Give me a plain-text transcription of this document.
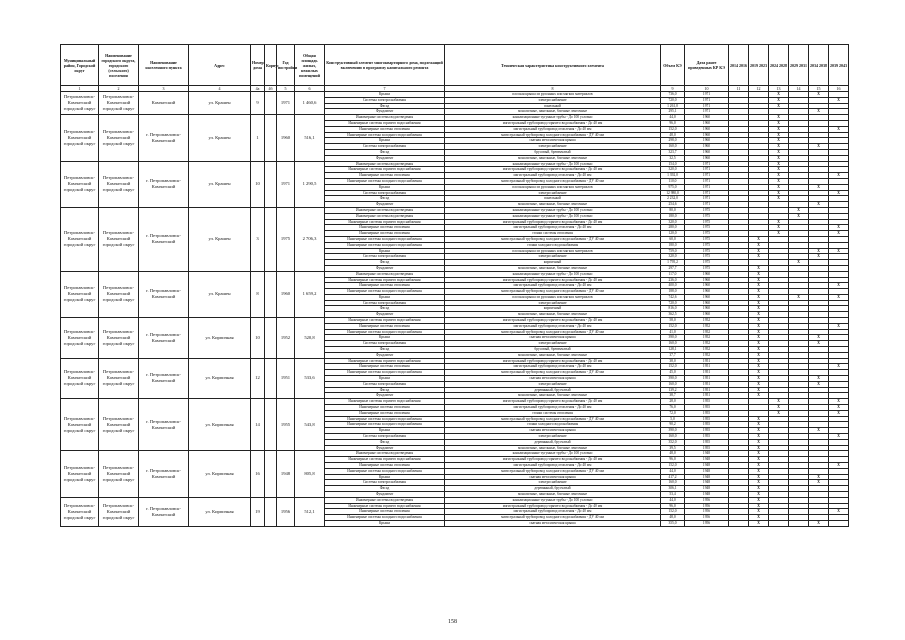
Муниципальный район, Городской округ	Наименование городского округа, городского (сельского) поселения	Наименование населенного пункта	Адрес	Номер дома	Корпус	Год постройки	Общая площадь жилых, нежилых помещений	Конструктивный элемент многоквартирного дома, подлежащий включению в программу капитального ремонта	Техническая характеристика конструктивного элемента	Объем КЭ	Дата ранее проведенных КР КЭ	2014 2016	2019 2023	2024 2028	2029 2031	2034 2038	2039 2043
1	2	3	4	4а	4б	5	6	7	8	9	10	11	12	13	14	15	16
Петропавловск-Камчатский городской округ	Петропавловск-Камчатский городской округ	Камчатский	ул. Крашен	9		1971	1 460,6	Крыша	плоская крыша из рулонных или мягких материалов	736,0	1971			X		X	
								Системы электроснабжения	электроснабжение	720,0	1971			X			X
								Фасад	панельный	1 261,0	1971			X			
								Фундамент	монолитные, панельные, блочные ленточные	295,1	1971					X	
Петропавловск-Камчатский городской округ	Петропавловск-Камчатский городской округ	г. Петропавловск-Камчатский	ул. Крашен	1		1960	516,1	Инженерные системы водоотведения	канализационные чугунные трубы - До 100 условно	44,0	1960			X			
								Инженерные системы горячего водоснабжения	магистральный трубопровод горячего водоснабжения - До 40 мм	96,0	1960			X			
								Инженерные системы отопления	магистральный трубопровод отопления - До 40 мм	152,0	1960			X			X
								Инженерные системы холодного водоснабжения	магистральный трубопровод холодного водоснабжения - ДУ 40 мм	48,0	1960			X			
								Крыша	скатная металлическая крыша	298,0	1960			X			
								Системы электроснабжения	электроснабжение	160,0	1960			X		X	
								Фасад	брусовый, бревенчатый	323,7	1960			X			
								Фундамент	монолитные, панельные, блочные ленточные	32,5	1960			X			
Петропавловск-Камчатский городской округ	Петропавловск-Камчатский городской округ	г. Петропавловск-Камчатский	ул. Крашен	10		1971	1 290,5	Инженерные системы водоотведения	канализационные чугунные трубы - До 100 условно	154,0	1971			X			
								Инженерные системы горячего водоснабжения	магистральный трубопровод горячего водоснабжения - До 40 мм	320,0	1971			X			
								Инженерные системы отопления	магистральный трубопровод отопления - До 40 мм	1 392,0	1971			X			X
								Инженерные системы холодного водоснабжения	магистральный трубопровод холодного водоснабжения - ДУ 40 мм	110,0	1971			X			
								Крыша	плоская крыша из рулонных или мягких материалов	975,0	1971			X		X	
								Системы электроснабжения	электроснабжение	12 980,0	1971			X			X
								Фасад	панельный	2 232,0	1971			X			
								Фундамент	монолитные, панельные, блочные ленточные	254,6	1971					X	
Петропавловск-Камчатский городской округ	Петропавловск-Камчатский городской округ	г. Петропавловск-Камчатский	ул. Крашен	3		1975	2 706,3	Инженерные системы водоотведения	канализационные чугунные трубы - До 100 условно	80,0	1975				X		
								Инженерные системы водоотведения	канализационные чугунные трубы - До 100 условно	180,0	1975				X		
								Инженерные системы горячего водоснабжения	магистральный трубопровод горячего водоснабжения - До 40 мм	320,0	1975			X			
								Инженерные системы отопления	магистральный трубопровод отопления - До 40 мм	280,0	1975			X			X
								Инженерные системы отопления	стояки системы отопления	120,0	1975			X			X
								Инженерные системы холодного водоснабжения	магистральный трубопровод холодного водоснабжения - ДУ 40 мм	60,0	1975		X				
								Инженерные системы холодного водоснабжения	стояки холодного водоснабжения	180,0	1975		X				
								Крыша	плоская крыша из рулонных или мягких материалов	759,0	1975		X			X	X
								Системы электроснабжения	электроснабжение	320,0	1975		X			X	
								Фасад	кирпичный	1 795,2	1975				X		
								Фундамент	монолитные, панельные, блочные ленточные	297,7	1975		X				
Петропавловск-Камчатский городской округ	Петропавловск-Камчатский городской округ	г. Петропавловск-Камчатский	ул. Крашен	8		1960	1 659,2	Инженерные системы водоотведения	канализационные чугунные трубы - До 100 условно	117,0	1960		X				
								Инженерные системы горячего водоснабжения	магистральный трубопровод горячего водоснабжения - До 40 мм	236,0	1960		X				
								Инженерные системы отопления	магистральный трубопровод отопления - До 40 мм	400,0	1960		X				X
								Инженерные системы холодного водоснабжения	магистральный трубопровод холодного водоснабжения - ДУ 40 мм	188,0	1960		X				
								Крыша	плоская крыша из рулонных или мягких материалов	742,6	1960		X		X		X
								Системы электроснабжения	электроснабжение	720,0	1960		X				
								Фасад	кирпичный	816,0	1960		X				
								Фундамент	монолитные, панельные, блочные ленточные	362,5	1960		X				
Петропавловск-Камчатский городской округ	Петропавловск-Камчатский городской округ	г. Петропавловск-Камчатский	ул. Кирпичная	10		1952	520,8	Инженерные системы горячего водоснабжения	магистральный трубопровод горячего водоснабжения - До 40 мм	58,0	1952		X				
								Инженерные системы отопления	магистральный трубопровод отопления - До 40 мм	152,0	1952		X				X
								Инженерные системы холодного водоснабжения	магистральный трубопровод холодного водоснабжения - ДУ 40 мм	41,0	1952		X				
								Крыша	скатная металлическая крыша	390,0	1952		X			X	
								Системы электроснабжения	электроснабжение	160,0	1952		X			X	
								Фасад	брусовый, бревенчатый	128,1	1952		X				
								Фундамент	монолитные, панельные, блочные ленточные	37,7	1952		X				
Петропавловск-Камчатский городской округ	Петропавловск-Камчатский городской округ	г. Петропавловск-Камчатский	ул. Кирпичная	12		1951	533,6	Инженерные системы горячего водоснабжения	магистральный трубопровод горячего водоснабжения - До 40 мм	38,0	1951		X				
								Инженерные системы отопления	магистральный трубопровод отопления - До 40 мм	152,0	1951		X				X
								Инженерные системы холодного водоснабжения	магистральный трубопровод холодного водоснабжения - ДУ 40 мм	45,0	1951		X				
								Крыша	скатная металлическая крыша	390,0	1951		X			X	
								Системы электроснабжения	электроснабжение	160,0	1951		X			X	
								Фасад	деревянный, брусчатый	139,2	1951		X				
								Фундамент	монолитные, панельные, блочные ленточные	38,7	1951		X				
Петропавловск-Камчатский городской округ	Петропавловск-Камчатский городской округ	г. Петропавловск-Камчатский	ул. Кирпичная	14		1955	543,8	Инженерные системы горячего водоснабжения	магистральный трубопровод горячего водоснабжения - До 40 мм	28,0	1955			X			X
								Инженерные системы отопления	магистральный трубопровод отопления - До 40 мм	76,0	1955			X			X
								Инженерные системы отопления	стояки системы отопления	72,0	1955			X			X
								Инженерные системы холодного водоснабжения	магистральный трубопровод холодного водоснабжения - ДУ 40 мм	5,0	1955		X				
								Инженерные системы холодного водоснабжения	стояки холодного водоснабжения	90,2	1955		X				
								Крыша	скатная металлическая крыша	390,0	1955		X			X	
								Системы электроснабжения	электроснабжение	160,0	1955		X				X
								Фасад	деревянный, брусчатый	352,0	1955		X				
								Фундамент	монолитные, панельные, блочные ленточные	39,5	1955		X				
Петропавловск-Камчатский городской округ	Петропавловск-Камчатский городской округ	г. Петропавловск-Камчатский	ул. Кирпичная	16		1948	805,8	Инженерные системы водоотведения	канализационные чугунные трубы - До 100 условно	48,0	1948		X				
								Инженерные системы горячего водоснабжения	магистральный трубопровод горячего водоснабжения - До 40 мм	96,0	1948		X				
								Инженерные системы отопления	магистральный трубопровод отопления - До 40 мм	152,0	1948		X				X
								Инженерные системы холодного водоснабжения	магистральный трубопровод холодного водоснабжения - ДУ 40 мм	44,0	1948		X				
								Крыша	скатная металлическая крыша	417,2	1948		X			X	
								Системы электроснабжения	электроснабжение	160,0	1948		X			X	
								Фасад	деревянный, брусчатый	306,1	1948		X				
								Фундамент	монолитные, панельные, блочные ленточные	53,4	1948		X				
Петропавловск-Камчатский городской округ	Петропавловск-Камчатский городской округ	г. Петропавловск-Камчатский	ул. Кирпичная	19		1956	512,1	Инженерные системы водоотведения	канализационные чугунные трубы - До 100 условно	44,0	1956		X				
								Инженерные системы горячего водоснабжения	магистральный трубопровод горячего водоснабжения - До 40 мм	96,0	1956		X				
								Инженерные системы отопления	магистральный трубопровод отопления - До 40 мм	152,0	1956		X				X
								Инженерные системы холодного водоснабжения	магистральный трубопровод холодного водоснабжения - ДУ 40 мм	48,0	1956		X				
								Крыша	скатная металлическая крыша	355,0	1956		X			X	
158
